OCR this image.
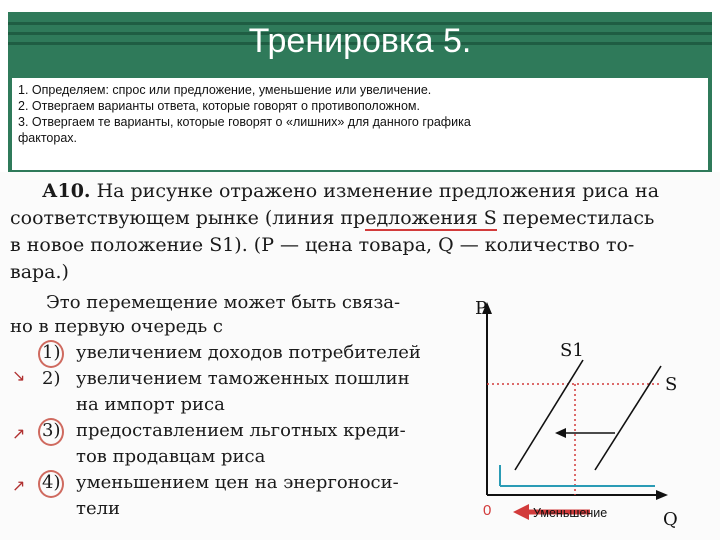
Тренировка 5.
1. Определяем: спрос или предложение, уменьшение или увеличение.
2. Отвергаем варианты ответа, которые говорят о противоположном.
3. Отвергаем те варианты, которые говорят о «лишних» для данного графика
факторах.
А10. На рисунке отражено изменение предложения риса на
соответствующем рынке (линия предложения S переместилась
в новое положение S1). (Р — цена товара, Q — количество то-
вара.)
Это перемещение может быть связа-
но в первую очередь с
1) увеличением доходов потребителей
↘ 2) увеличением таможенных пошлин
на импорт риса
↗ 3) предоставлением льготных креди-
тов продавцам риса
↗ 4) уменьшением цен на энергоноси-
тели
P
Q
0
S1
S
Уменьшение
